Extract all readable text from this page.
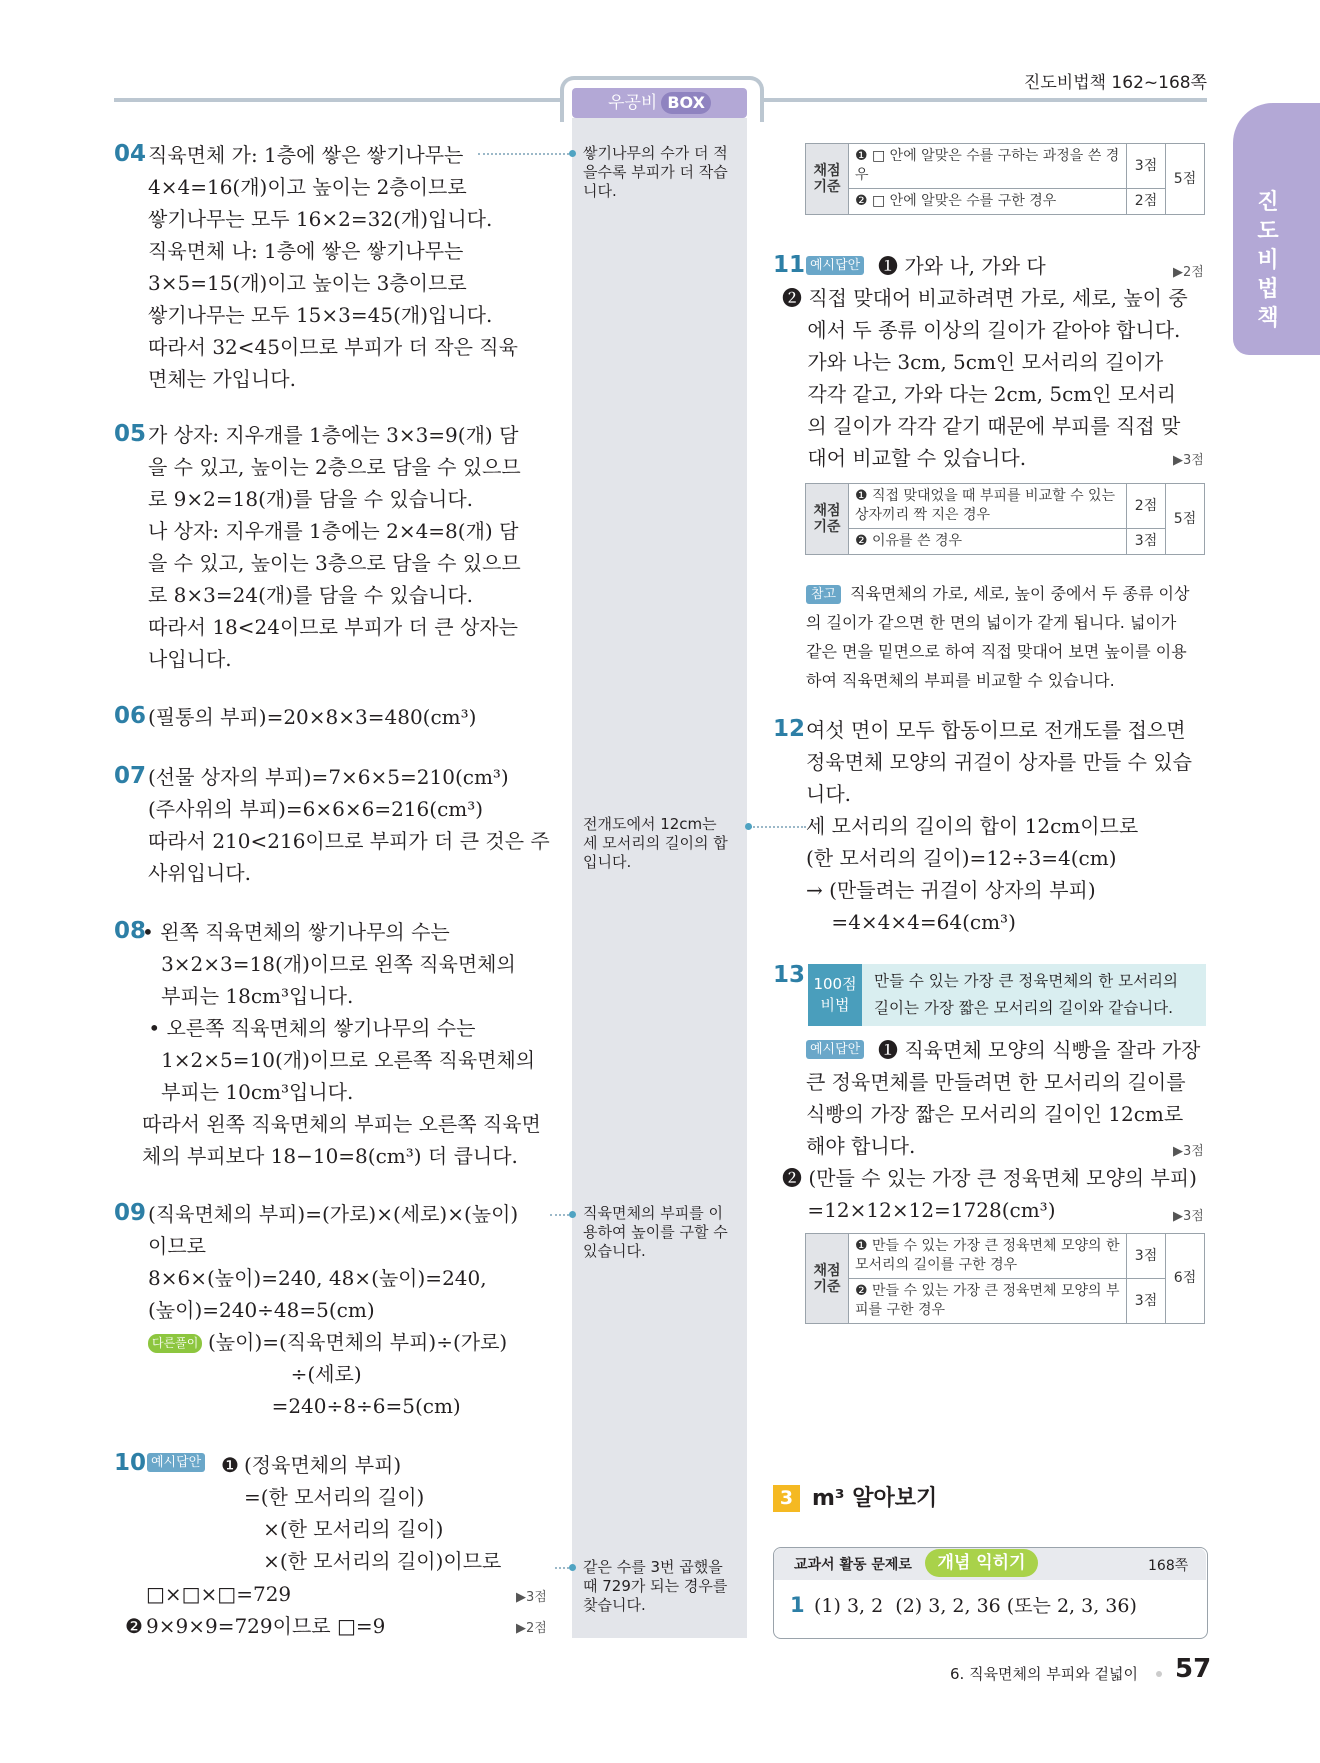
진도비법책 162~168쪽
우공비 BOX
진
도
비
법
책
쌓기나무의 수가 더 적
을수록 부피가 더 작습
니다.
전개도에서 12cm는
세 모서리의 길이의 합
입니다.
직육면체의 부피를 이
용하여 높이를 구할 수
있습니다.
같은 수를 3번 곱했을
때 729가 되는 경우를
찾습니다.
04 직육면체 가: 1층에 쌓은 쌓기나무는
4×4=16(개)이고 높이는 2층이므로
쌓기나무는 모두 16×2=32(개)입니다.
직육면체 나: 1층에 쌓은 쌓기나무는
3×5=15(개)이고 높이는 3층이므로
쌓기나무는 모두 15×3=45(개)입니다.
따라서 32<45이므로 부피가 더 작은 직육
면체는 가입니다.
05 가 상자: 지우개를 1층에는 3×3=9(개) 담
을 수 있고, 높이는 2층으로 담을 수 있으므
로 9×2=18(개)를 담을 수 있습니다.
나 상자: 지우개를 1층에는 2×4=8(개) 담
을 수 있고, 높이는 3층으로 담을 수 있으므
로 8×3=24(개)를 담을 수 있습니다.
따라서 18<24이므로 부피가 더 큰 상자는
나입니다.
06 (필통의 부피)=20×8×3=480(cm³)
07 (선물 상자의 부피)=7×6×5=210(cm³)
(주사위의 부피)=6×6×6=216(cm³)
따라서 210<216이므로 부피가 더 큰 것은 주
사위입니다.
08
• 왼쪽 직육면체의 쌓기나무의 수는
3×2×3=18(개)이므로 왼쪽 직육면체의
부피는 18cm³입니다.
• 오른쪽 직육면체의 쌓기나무의 수는
1×2×5=10(개)이므로 오른쪽 직육면체의
부피는 10cm³입니다.
따라서 왼쪽 직육면체의 부피는 오른쪽 직육면
체의 부피보다 18−10=8(cm³) 더 큽니다.
09 (직육면체의 부피)=(가로)×(세로)×(높이)
이므로
8×6×(높이)=240, 48×(높이)=240,
(높이)=240÷48=5(cm)
다른풀이 (높이)=(직육면체의 부피)÷(가로)
÷(세로)
=240÷8÷6=5(cm)
10 예시답안 ❶ (정육면체의 부피)
=(한 모서리의 길이)
×(한 모서리의 길이)
×(한 모서리의 길이)이므로
□×□×□=729	▶3점
❷ 9×9×9=729이므로 □=9	▶2점
채점
기준	❶ □ 안에 알맞은 수를 구하는 과정을 쓴 경우	3점	5점
	❷ □ 안에 알맞은 수를 구한 경우	2점	
11 예시답안 ❶ 가와 나, 가와 다	▶2점
❷ 직접 맞대어 비교하려면 가로, 세로, 높이 중
에서 두 종류 이상의 길이가 같아야 합니다.
가와 나는 3cm, 5cm인 모서리의 길이가
각각 같고, 가와 다는 2cm, 5cm인 모서리
의 길이가 각각 같기 때문에 부피를 직접 맞
대어 비교할 수 있습니다.	▶3점
채점
기준	❶ 직접 맞대었을 때 부피를 비교할 수 있는 상자끼리 짝 지은 경우	2점	5점
	❷ 이유를 쓴 경우	3점	
참고 직육면체의 가로, 세로, 높이 중에서 두 종류 이상
의 길이가 같으면 한 면의 넓이가 같게 됩니다. 넓이가
같은 면을 밑면으로 하여 직접 맞대어 보면 높이를 이용
하여 직육면체의 부피를 비교할 수 있습니다.
12 여섯 면이 모두 합동이므로 전개도를 접으면
정육면체 모양의 귀걸이 상자를 만들 수 있습
니다.
세 모서리의 길이의 합이 12cm이므로
(한 모서리의 길이)=12÷3=4(cm)
→ (만들려는 귀걸이 상자의 부피)
=4×4×4=64(cm³)
13 100점
비법
만들 수 있는 가장 큰 정육면체의 한 모서리의
길이는 가장 짧은 모서리의 길이와 같습니다.
예시답안 ❶ 직육면체 모양의 식빵을 잘라 가장
큰 정육면체를 만들려면 한 모서리의 길이를
식빵의 가장 짧은 모서리의 길이인 12cm로
해야 합니다.	▶3점
❷ (만들 수 있는 가장 큰 정육면체 모양의 부피)
=12×12×12=1728(cm³)	▶3점
채점
기준	❶ 만들 수 있는 가장 큰 정육면체 모양의 한 모서리의 길이를 구한 경우	3점	6점
	❷ 만들 수 있는 가장 큰 정육면체 모양의 부피를 구한 경우	3점	
3 m³ 알아보기
교과서 활동 문제로	개념 익히기	168쪽
1 (1) 3, 2  (2) 3, 2, 36 (또는 2, 3, 36)
6. 직육면체의 부피와 겉넓이 57
